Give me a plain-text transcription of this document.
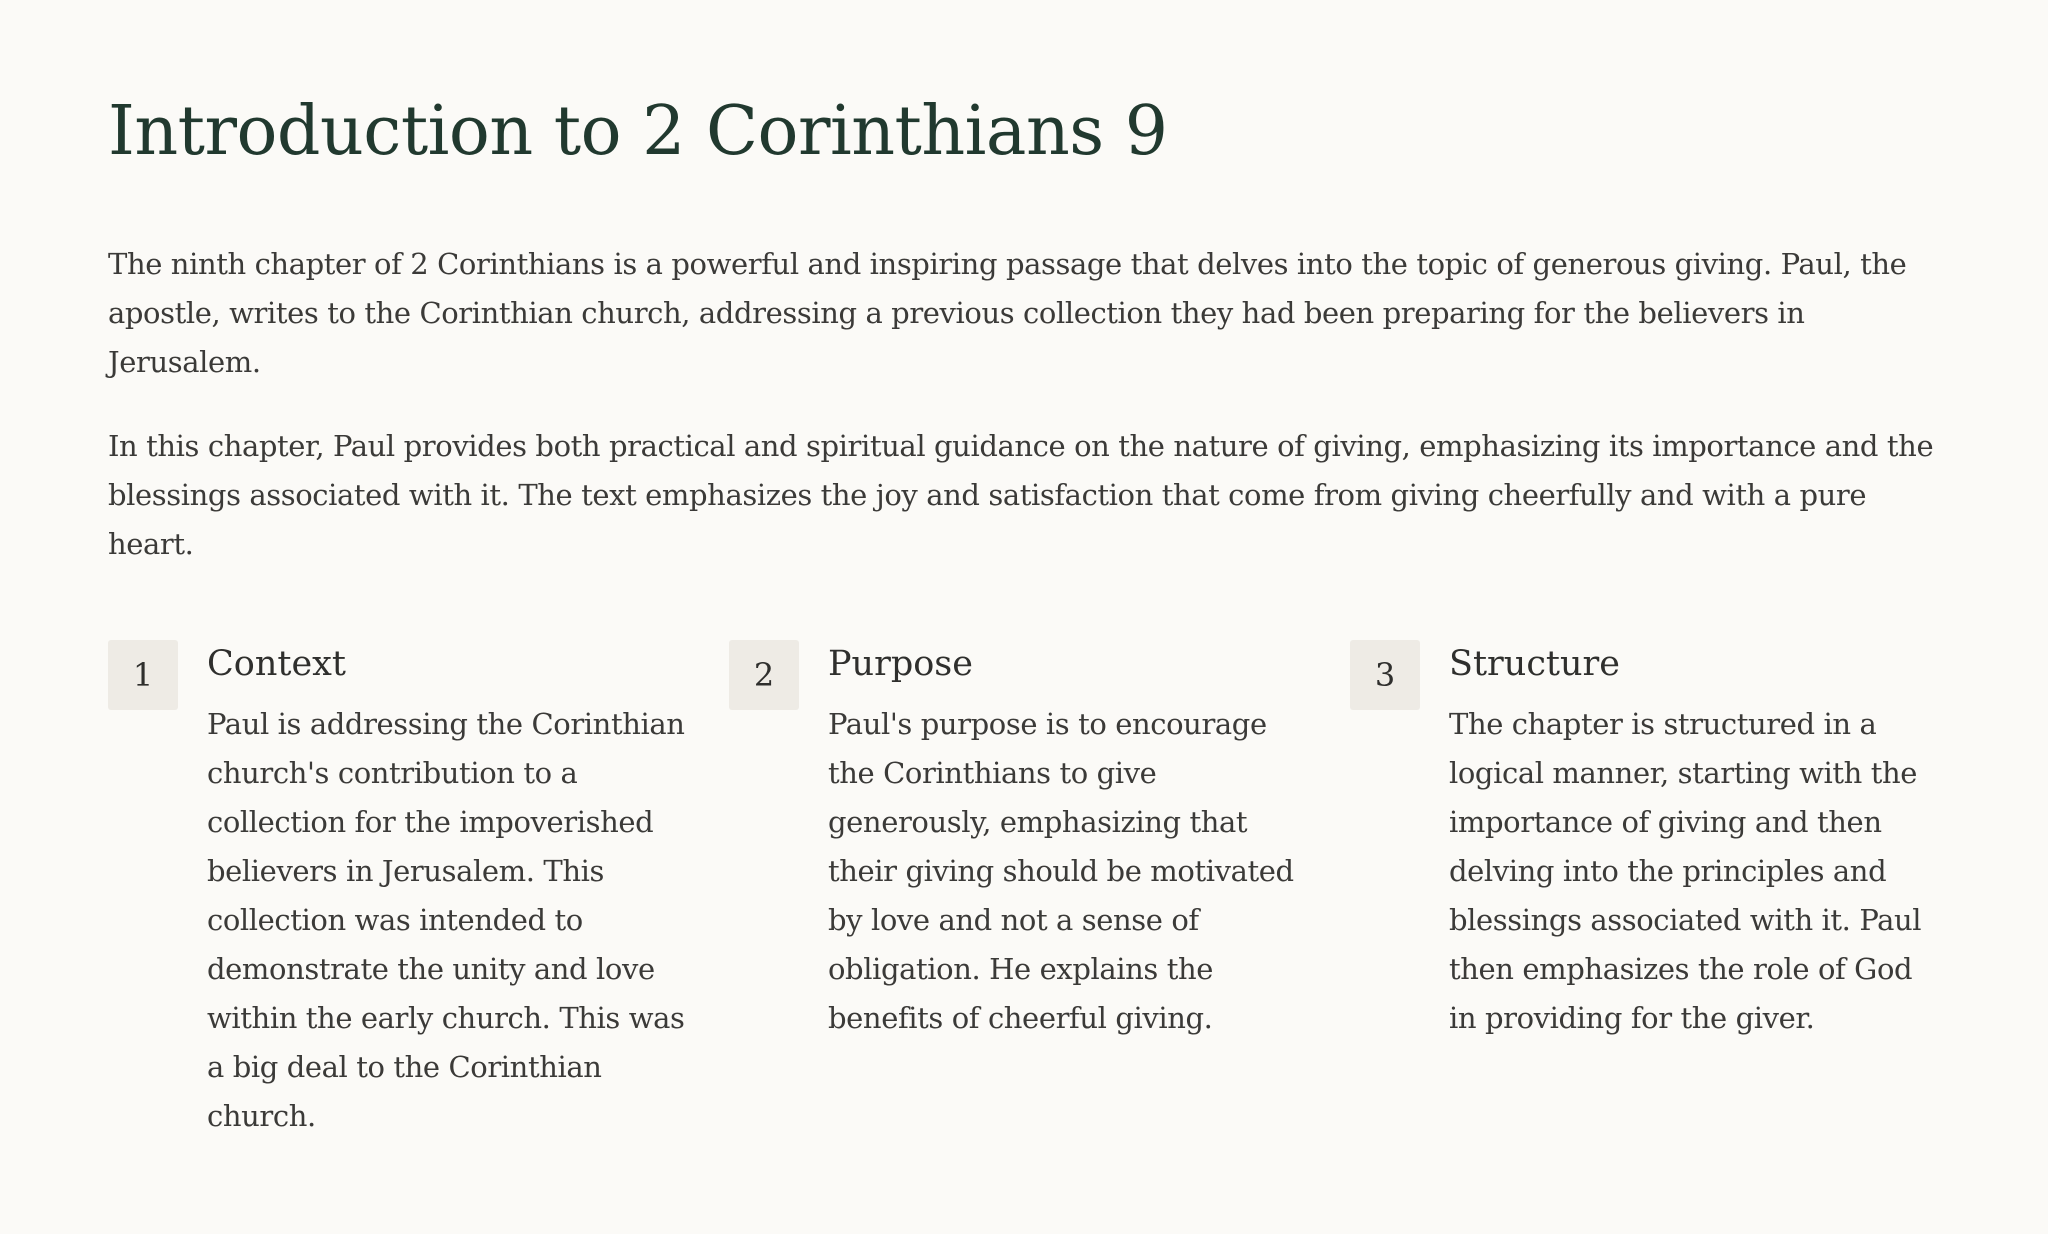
Introduction to 2 Corinthians 9

The ninth chapter of 2 Corinthians is a powerful and inspiring passage that delves into the topic of generous giving. Paul, the apostle, writes to the Corinthian church, addressing a previous collection they had been preparing for the believers in Jerusalem.

In this chapter, Paul provides both practical and spiritual guidance on the nature of giving, emphasizing its importance and the blessings associated with it. The text emphasizes the joy and satisfaction that come from giving cheerfully and with a pure heart.

1	Context

Paul is addressing the Corinthian church's contribution to a collection for the impoverished believers in Jerusalem. This collection was intended to demonstrate the unity and love within the early church. This was a big deal to the Corinthian church.

2	Purpose

Paul's purpose is to encourage the Corinthians to give generously, emphasizing that their giving should be motivated by love and not a sense of obligation. He explains the benefits of cheerful giving.

3	Structure

The chapter is structured in a logical manner, starting with the importance of giving and then delving into the principles and blessings associated with it. Paul then emphasizes the role of God in providing for the giver.
